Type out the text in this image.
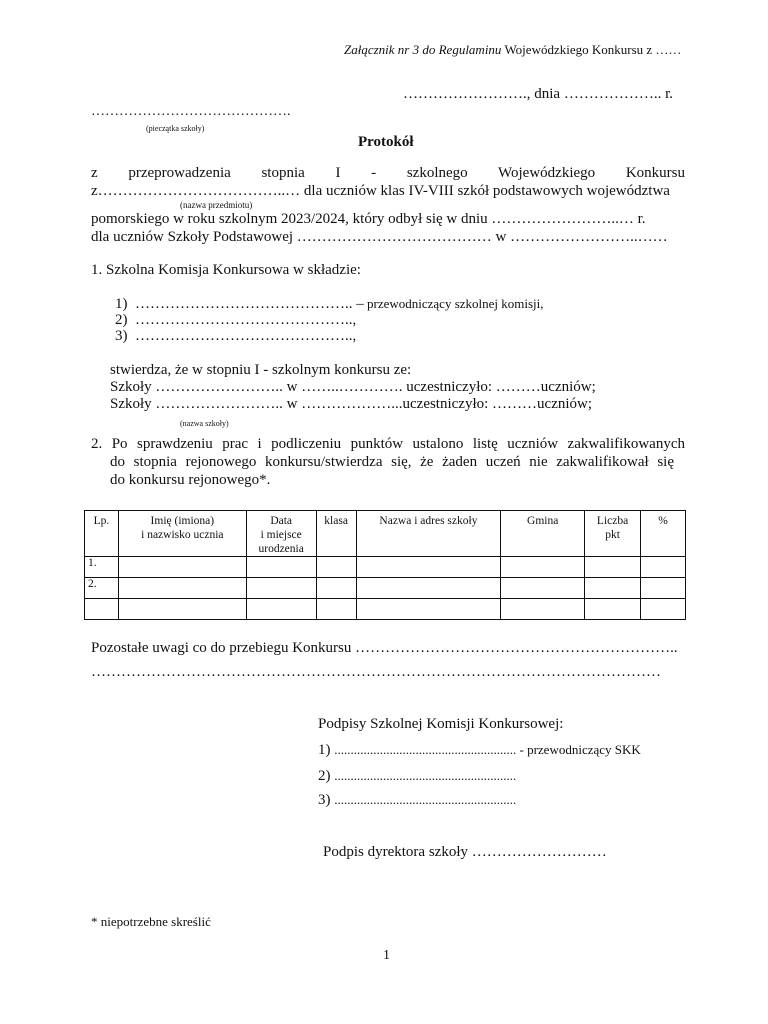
Załącznik nr 3 do Regulaminu Wojewódzkiego Konkursu z ……
……………………., dnia ……………….. r.
…………………………………….
(pieczątka szkoły)
Protokół
z przeprowadzenia stopnia I - szkolnego Wojewódzkiego Konkursu
z………………………………..… dla uczniów klas IV-VIII szkół podstawowych województwa
(nazwa przedmiotu)
pomorskiego w roku szkolnym 2023/2024, który odbył się w dniu ……………………..… r.
dla uczniów Szkoły Podstawowej ………………………………… w ……………………..……
1. Szkolna Komisja Konkursowa w składzie:
1) …………………………………….. – przewodniczący szkolnej komisji,
2) ……………………………………..,
3) ……………………………………..,
stwierdza, że w stopniu I - szkolnym konkursu ze:
Szkoły …………………….. w ……..…………. uczestniczyło: ………uczniów;
Szkoły …………………….. w ………………...uczestniczyło: ………uczniów;
(nazwa szkoły)
2. Po sprawdzeniu prac i podliczeniu punktów ustalono listę uczniów zakwalifikowanych
do stopnia rejonowego konkursu/stwierdza się, że żaden uczeń nie zakwalifikował się
do konkursu rejonowego*.
Lp.	Imię (imiona)
i nazwisko ucznia	Data
i miejsce
urodzenia	klasa	Nazwa i adres szkoły	Gmina	Liczba
pkt	%
1.							
2.							

Pozostałe uwagi co do przebiegu Konkursu ………………………………………………………..
……………………………………………………………………………………………………
Podpisy Szkolnej Komisji Konkursowej:
1) ........................................................ - przewodniczący SKK
2) ........................................................
3) ........................................................
Podpis dyrektora szkoły ………………………
* niepotrzebne skreślić
1
